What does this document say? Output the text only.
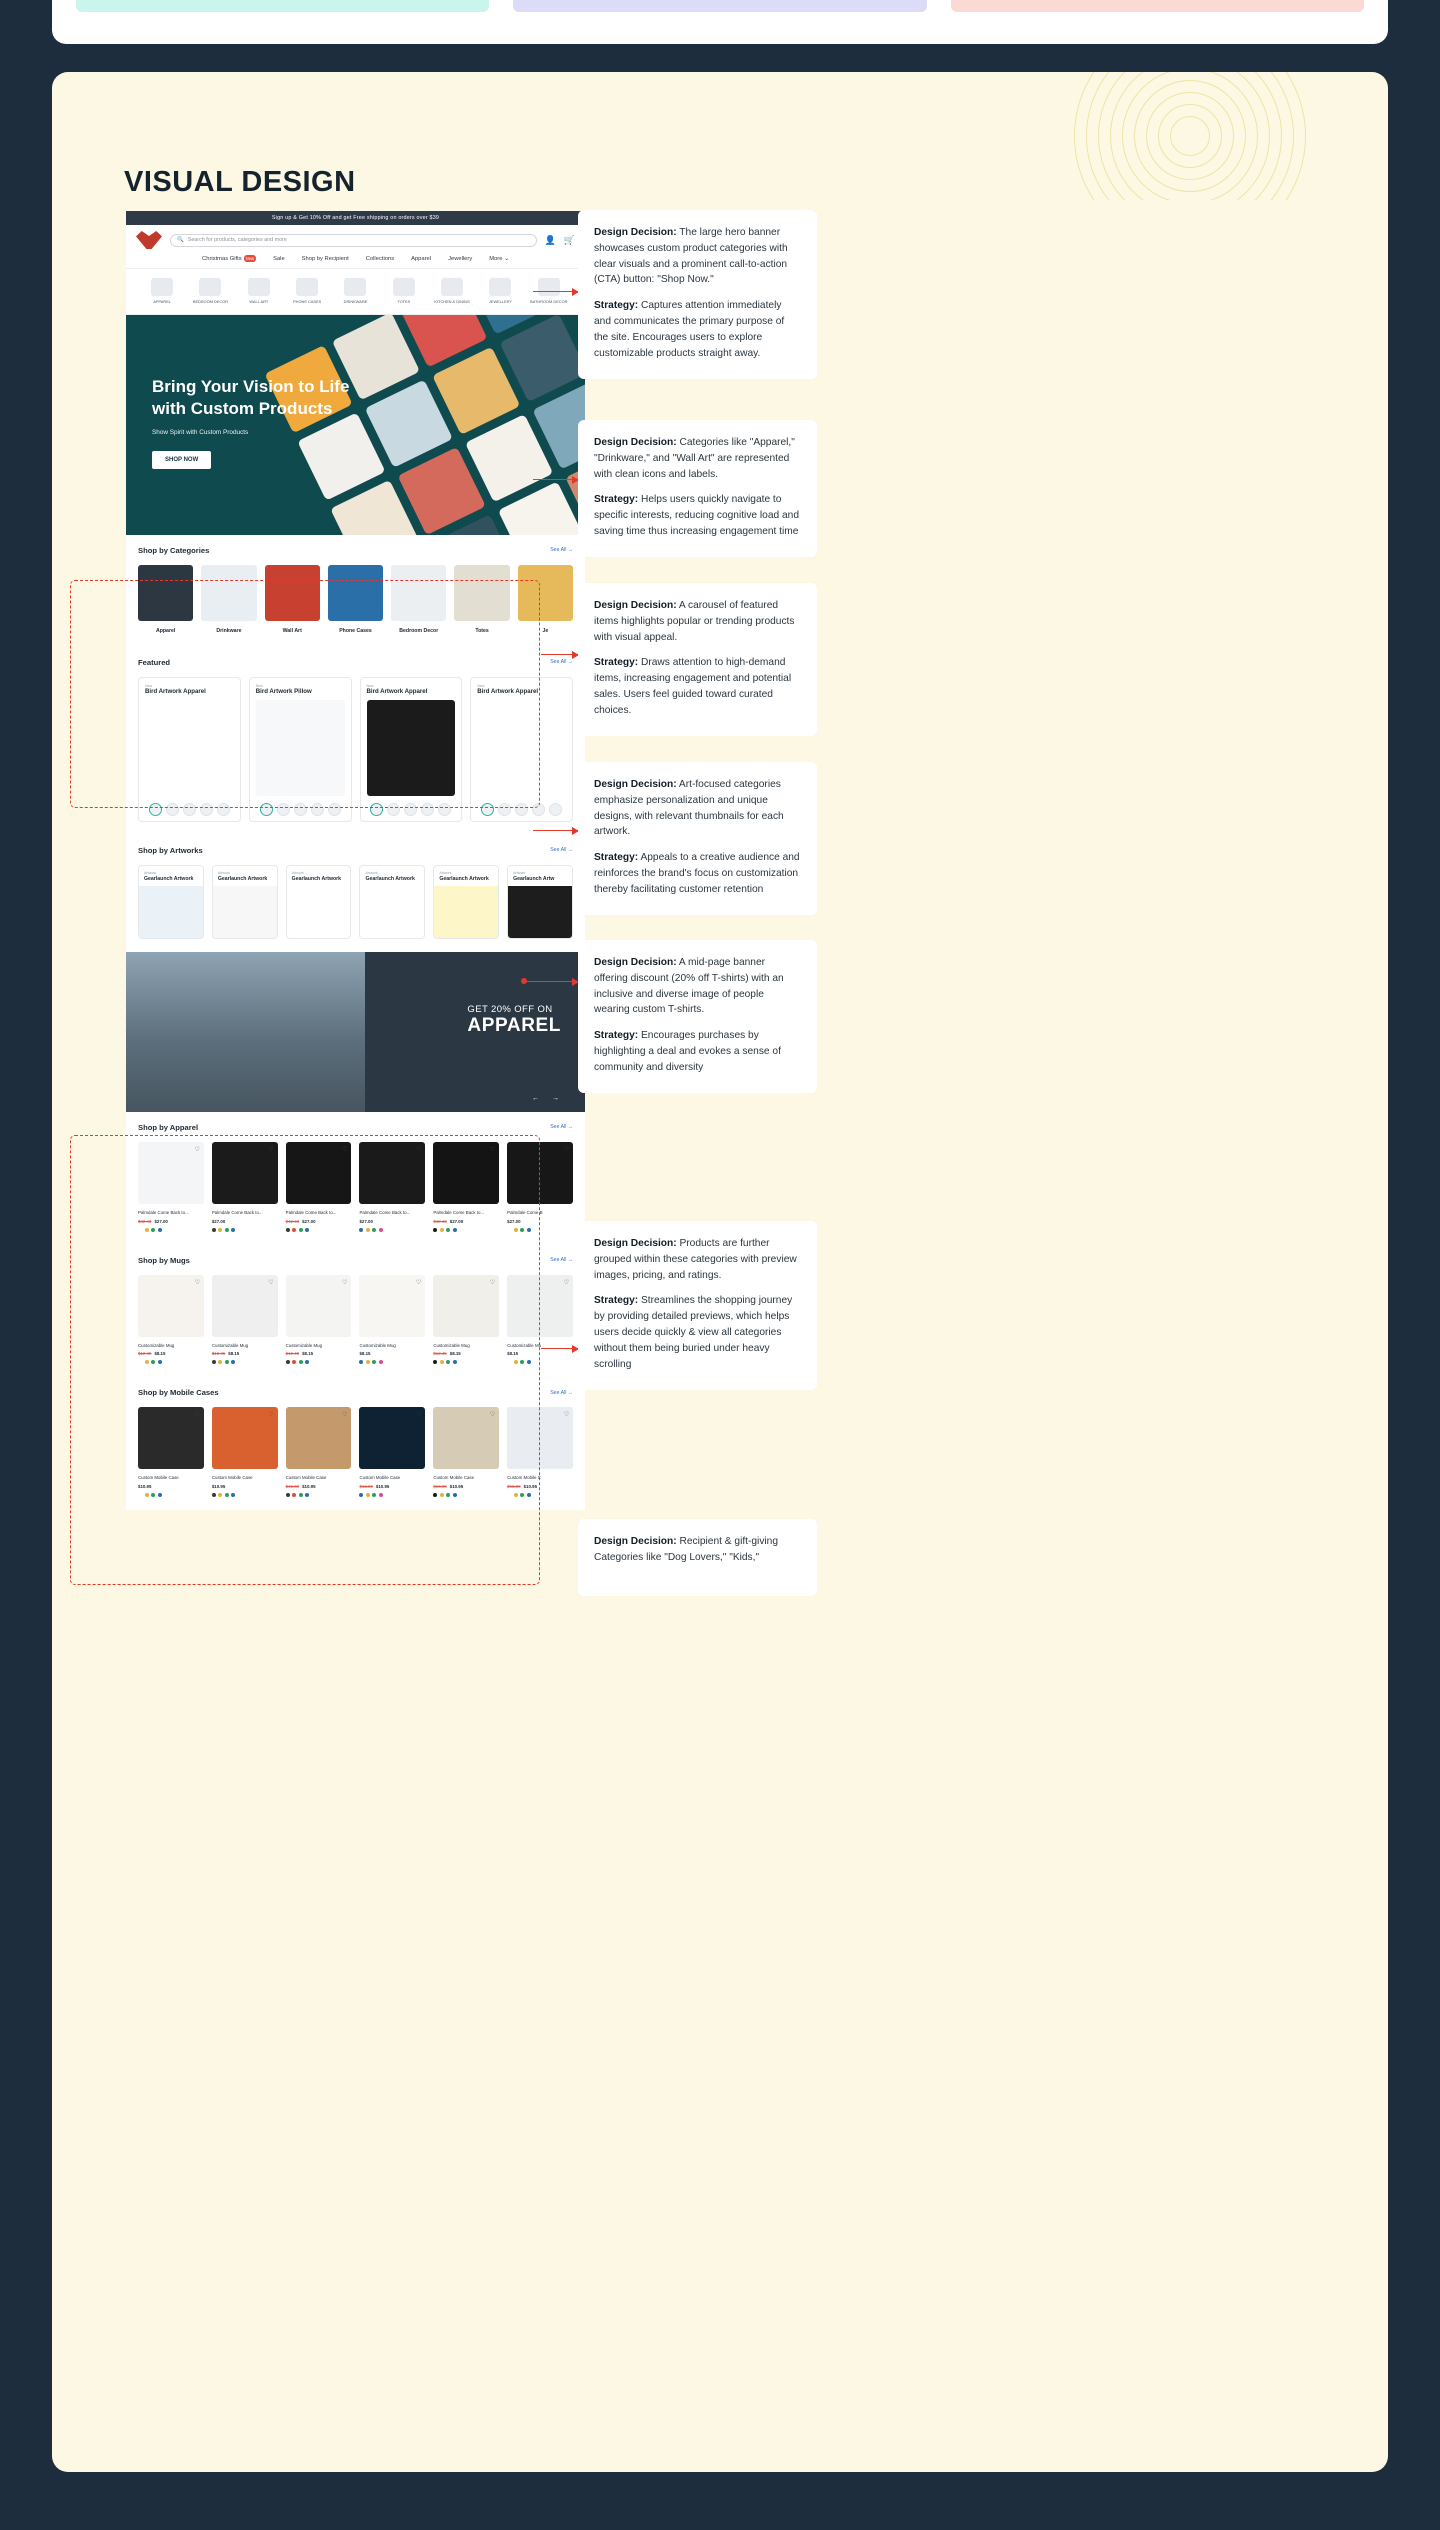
VISUAL DESIGN
Sign up & Get 10% Off and get Free shipping on orders over $39
🔍 Search for products, categories and more	👤 🛒
Christmas Gifts New	Sale	Shop by Recipient	Collections	Apparel	Jewellery	More ⌄
APPAREL	BEDROOM DECOR	WALL ART	PHONE CASES	DRINKWARE	TOTES	KITCHEN & DINING	JEWELLERY	BATHROOM DECOR
Bring Your Vision to Life
with Custom Products

Show Spirit with Custom Products

SHOP NOW
Shop by Categories	See All →
Apparel	Drinkware	Wall Art	Phone Cases	Bedroom Decor	Totes	Je
Featured	See All →
New
Bird Artwork Apparel
New
Bird Artwork Pillow
New
Bird Artwork Apparel
New
Bird Artwork Apparel
Shop by Artworks	See All →
Artwork
Gearlaunch Artwork
Artwork
Gearlaunch Artwork
Artwork
Gearlaunch Artwork
Artwork
Gearlaunch Artwork
Artwork
Gearlaunch Artwork
Artwork
Gearlaunch Artw
GET 20% OFF ON
APPAREL
← →
Shop by Apparel	See All →
♡
Palmdale Come Back to...
$42.43 $27.00
♡
Palmdale Come Back to...
$27.00
♡
Palmdale Come Back to...
$42.43 $27.00
♡
Palmdale Come Back to...
$27.00
♡
Palmdale Come Back to...
$42.43 $27.00
♡
Palmdale Come B
$27.00
Shop by Mugs	See All →
♡
Customizable Mug
$12.45 $8.15
♡
Customizable Mug
$12.45 $8.15
♡
Customizable Mug
$12.45 $8.15
♡
Customizable Mug
$8.15
♡
Customizable Mug
$12.45 $8.15
♡
Customizable Mu
$8.15
Shop by Mobile Cases	See All →
♡
Custom Mobile Case
$10.95
♡
Custom Mobile Case
$10.95
♡
Custom Mobile Case
$15.00 $10.95
♡
Custom Mobile Case
$15.00 $10.95
♡
Custom Mobile Case
$15.00 $10.95
♡
Custom Mobile C
$15.00 $10.95

Design Decision: The large hero banner showcases custom product categories with clear visuals and a prominent call-to-action (CTA) button: "Shop Now."

Strategy: Captures attention immediately and communicates the primary purpose of the site. Encourages users to explore customizable products straight away.

Design Decision: Categories like "Apparel," "Drinkware," and "Wall Art" are represented with clean icons and labels.

Strategy: Helps users quickly navigate to specific interests, reducing cognitive load and saving time thus increasing engagement time

Design Decision: A carousel of featured items highlights popular or trending products with visual appeal.

Strategy: Draws attention to high-demand items, increasing engagement and potential sales. Users feel guided toward curated choices.

Design Decision: Art-focused categories emphasize personalization and unique designs, with relevant thumbnails for each artwork.

Strategy: Appeals to a creative audience and reinforces the brand's focus on customization thereby facilitating customer retention

Design Decision: A mid-page banner offering discount (20% off T-shirts) with an inclusive and diverse image of people wearing custom T-shirts.

Strategy: Encourages purchases by highlighting a deal and evokes a sense of community and diversity

Design Decision: Products are further grouped within these categories with preview images, pricing, and ratings.

Strategy: Streamlines the shopping journey by providing detailed previews, which helps users decide quickly & view all categories without them being buried under heavy scrolling

Design Decision: Recipient & gift-giving Categories like "Dog Lovers," "Kids,"
